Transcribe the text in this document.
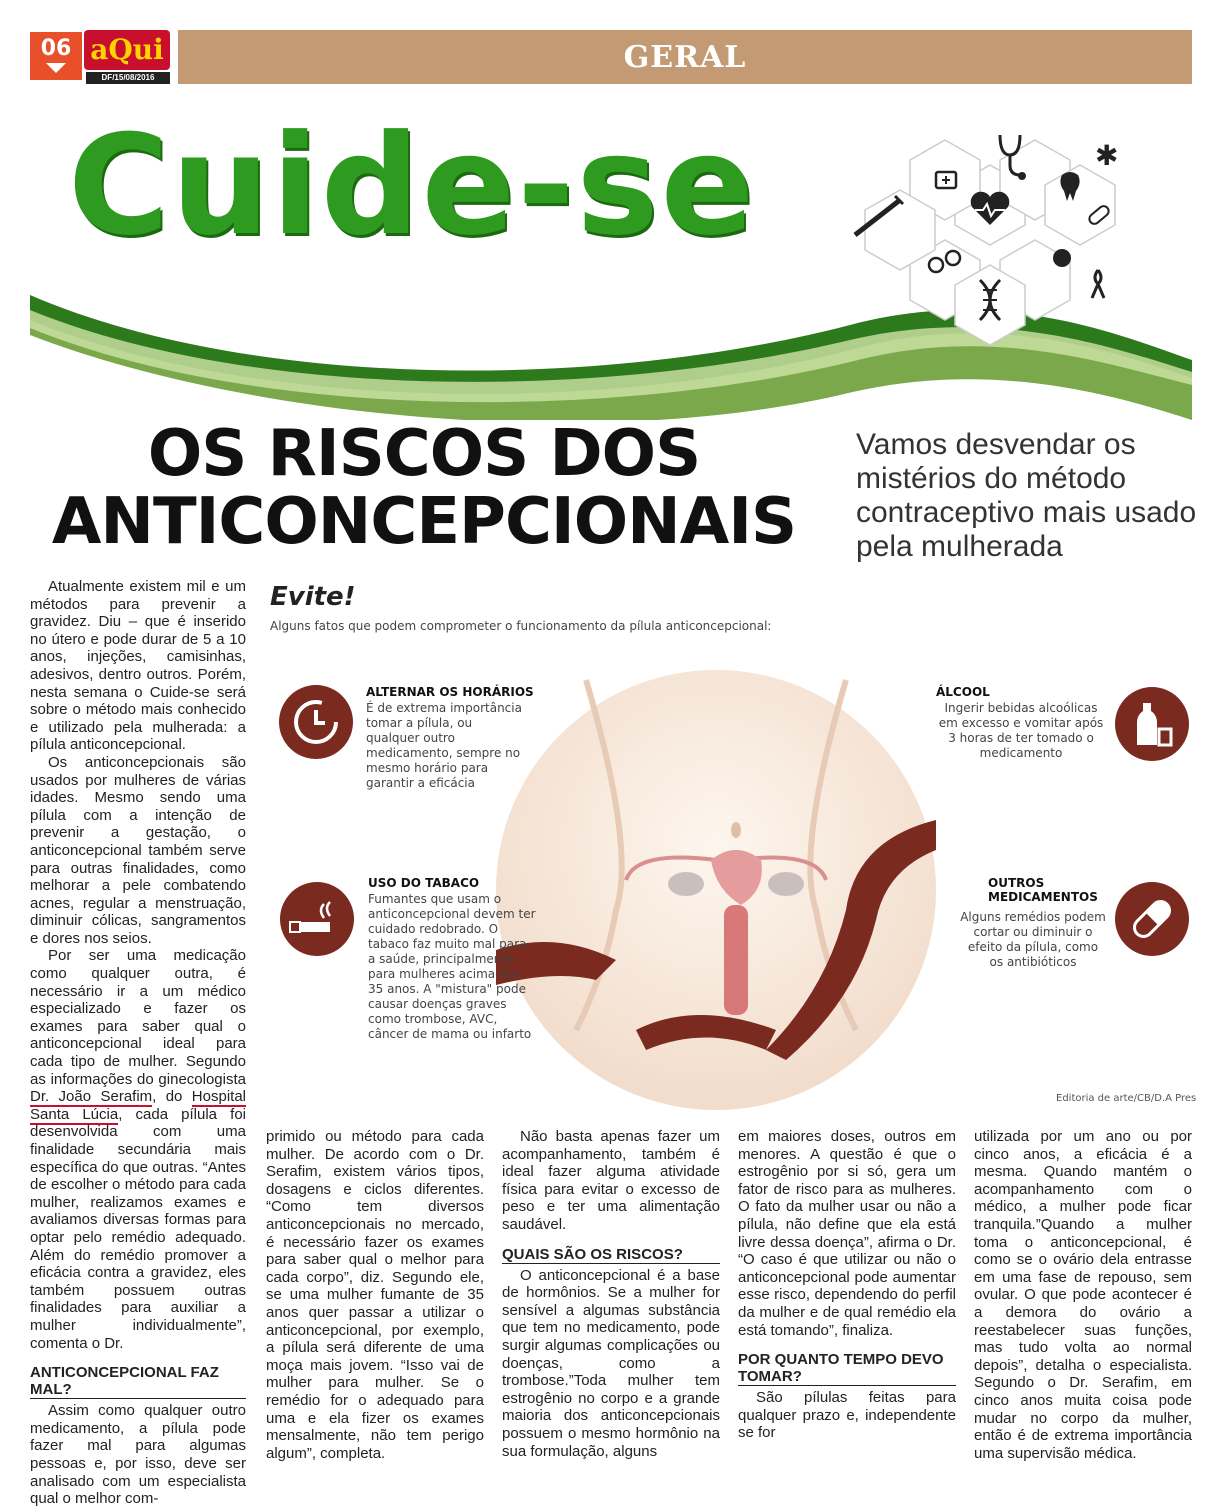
06 aQui
DF/15/08/2016
GERAL
Cuide-se	✱
OS RISCOS DOS
ANTICONCEPCIONAIS
Vamos desvendar os mistérios do método contraceptivo mais usado pela mulherada

Atualmente existem mil e um métodos para prevenir a gravidez. Diu – que é inserido no útero e pode durar de 5 a 10 anos, injeções, camisinhas, adesivos, dentro outros. Porém, nesta semana o Cuide-se será sobre o método mais conhecido e utilizado pela mulherada: a pílula anticoncepcional.

Os anticoncepcionais são usados por mulheres de várias idades. Mesmo sendo uma pílula com a intenção de prevenir a gestação, o anticoncepcional também serve para outras finalidades, como melhorar a pele combatendo acnes, regular a menstruação, diminuir cólicas, sangramentos e dores nos seios.

Por ser uma medicação como qualquer outra, é necessário ir a um médico especializado e fazer os exames para saber qual o anticoncepcional ideal para cada tipo de mulher. Segundo as informações do ginecologista Dr. João Serafim, do Hospital Santa Lúcia, cada pílula foi desenvolvida com uma finalidade secundária mais específica do que outras. “Antes de escolher o método para cada mulher, realizamos exames e avaliamos diversas formas para optar pelo remédio adequado. Além do remédio promover a eficácia contra a gravidez, eles também possuem outras finalidades para auxiliar a mulher individualmente”, comenta o Dr.

ANTICONCEPCIONAL FAZ MAL?

Assim como qualquer outro medicamento, a pílula pode fazer mal para algumas pessoas e, por isso, deve ser analisado com um especialista qual o melhor com-

Evite!
Alguns fatos que podem comprometer o funcionamento da pílula anticoncepcional:
ALTERNAR OS HORÁRIOS
É de extrema importância tomar a pílula, ou qualquer outro medicamento, sempre no mesmo horário para garantir a eficácia
ÁLCOOL
Ingerir bebidas alcoólicas em excesso e vomitar após 3 horas de ter tomado o medicamento
USO DO TABACO
Fumantes que usam o anticoncepcional devem ter cuidado redobrado. O tabaco faz muito mal para a saúde, principalmente para mulheres acima dos 35 anos. A "mistura" pode causar doenças graves como trombose, AVC, câncer de mama ou infarto
OUTROS MEDICAMENTOS
Alguns remédios podem cortar ou diminuir o efeito da pílula, como os antibióticos
Editoria de arte/CB/D.A Pres

primido ou método para cada mulher. De acordo com o Dr. Serafim, existem vários tipos, dosagens e ciclos diferentes. “Como tem diversos anticoncepcionais no mercado, é necessário fazer os exames para saber qual o melhor para cada corpo”, diz. Segundo ele, se uma mulher fumante de 35 anos quer passar a utilizar o anticoncepcional, por exemplo, a pílula será diferente de uma moça mais jovem. “Isso vai de mulher para mulher. Se o remédio for o adequado para uma e ela fizer os exames mensalmente, não tem perigo algum”, completa.

Não basta apenas fazer um acompanhamento, também é ideal fazer alguma atividade física para evitar o excesso de peso e ter uma alimentação saudável.

QUAIS SÃO OS RISCOS?

O anticoncepcional é a base de hormônios. Se a mulher for sensível a algumas substância que tem no medicamento, pode surgir algumas complicações ou doenças, como a trombose.”Toda mulher tem estrogênio no corpo e a grande maioria dos anticoncepcionais possuem o mesmo hormônio na sua formulação, alguns

em maiores doses, outros em menores. A questão é que o estrogênio por si só, gera um fator de risco para as mulheres. O fato da mulher usar ou não a pílula, não define que ela está livre dessa doença”, afirma o Dr. “O caso é que utilizar ou não o anticoncepcional pode aumentar esse risco, dependendo do perfil da mulher e de qual remédio ela está tomando”, finaliza.

POR QUANTO TEMPO DEVO TOMAR?

São pílulas feitas para qualquer prazo e, independente se for

utilizada por um ano ou por cinco anos, a eficácia é a mesma. Quando mantém o acompanhamento com o médico, a mulher pode ficar tranquila.”Quando a mulher toma o anticoncepcional, é como se o ovário dela entrasse em uma fase de repouso, sem ovular. O que pode acontecer é a demora do ovário a reestabelecer suas funções, mas tudo volta ao normal depois”, detalha o especialista. Segundo o Dr. Serafim, em cinco anos muita coisa pode mudar no corpo da mulher, então é de extrema importância uma supervisão médica.
